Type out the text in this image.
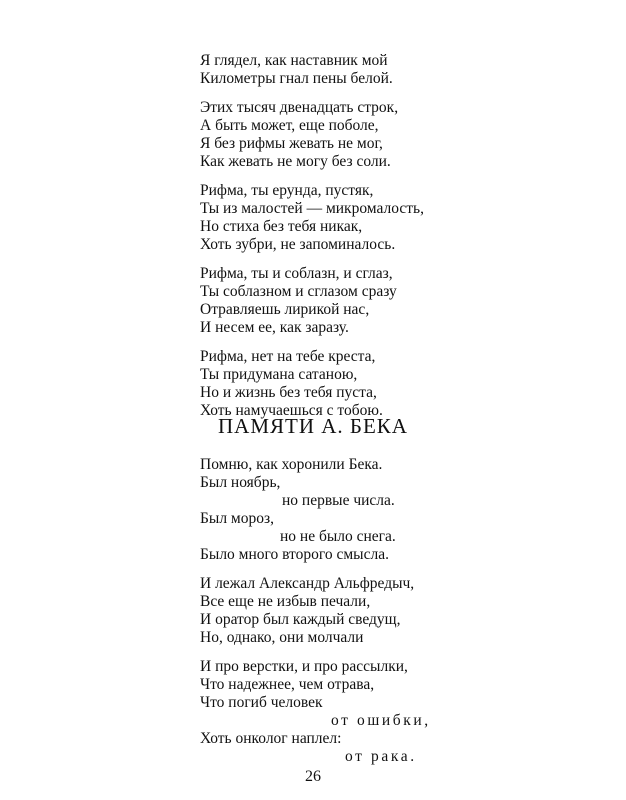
Я глядел, как наставник мой
Километры гнал пены белой.
Этих тысяч двенадцать строк,
А быть может, еще поболе,
Я без рифмы жевать не мог,
Как жевать не могу без соли.
Рифма, ты ерунда, пустяк,
Ты из малостей — микромалость,
Но стиха без тебя никак,
Хоть зубри, не запоминалось.
Рифма, ты и соблазн, и сглаз,
Ты соблазном и сглазом сразу
Отравляешь лирикой нас,
И несем ее, как заразу.
Рифма, нет на тебе креста,
Ты придумана сатаною,
Но и жизнь без тебя пуста,
Хоть намучаешься с тобою.
ПАМЯТИ А. БЕКА
Помню, как хоронили Бека.
Был ноябрь,
но первые числа.
Был мороз,
но не было снега.
Было много второго смысла.
И лежал Александр Альфредыч,
Все еще не избыв печали,
И оратор был каждый сведущ,
Но, однако, они молчали
И про верстки, и про рассылки,
Что надежнее, чем отрава,
Что погиб человек
от ошибки,
Хоть онколог наплел:
от рака.
26
